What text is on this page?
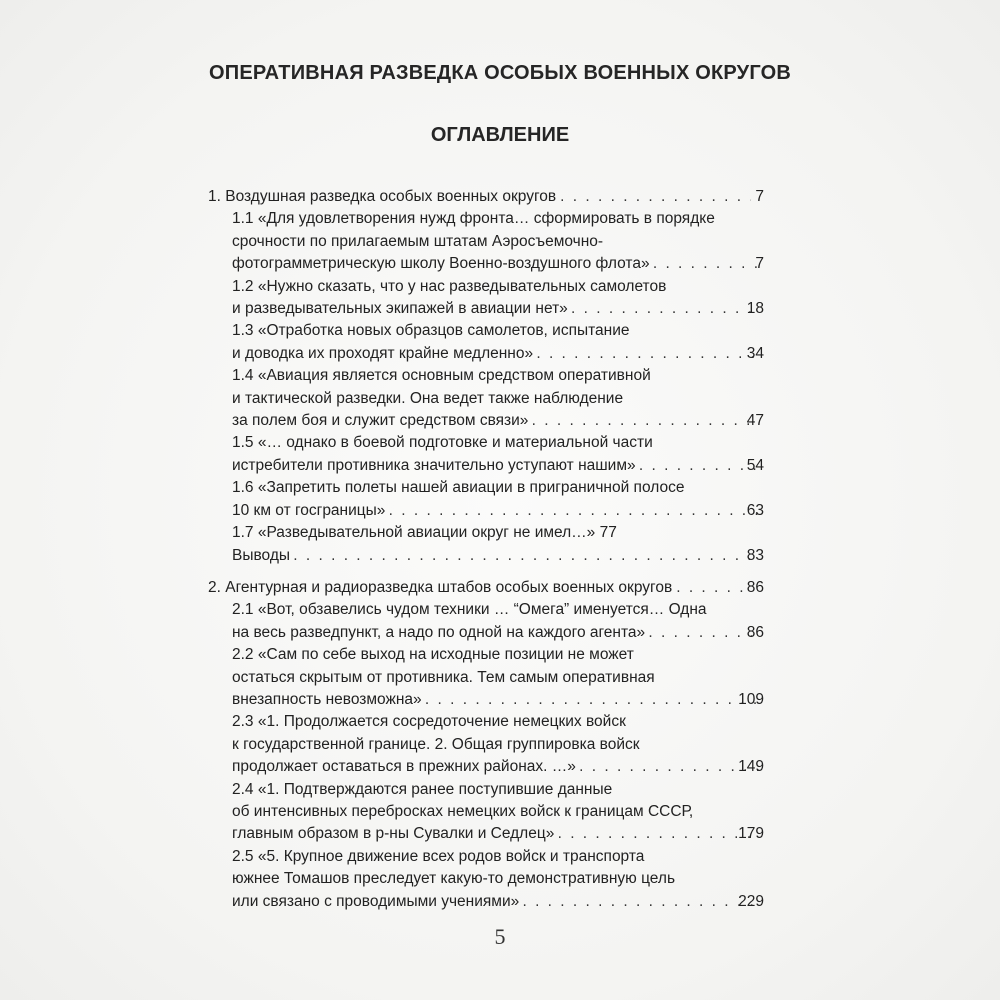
ОПЕРАТИВНАЯ РАЗВЕДКА ОСОБЫХ ВОЕННЫХ ОКРУГОВ
ОГЛАВЛЕНИЕ
1. Воздушная разведка особых военных округов . . .	7
1.1 «Для удовлетворения нужд фронта… сформировать в порядке
срочности по прилагаемым штатам Аэросъемочно-
фотограмметрическую школу Военно-воздушного флота» . . .	7
1.2 «Нужно сказать, что у нас разведывательных самолетов
и разведывательных экипажей в авиации нет» . . .	18
1.3 «Отработка новых образцов самолетов, испытание
и доводка их проходят крайне медленно» . . .	34
1.4 «Авиация является основным средством оперативной
и тактической разведки. Она ведет также наблюдение
за полем боя и служит средством связи» . . .	47
1.5 «… однако в боевой подготовке и материальной части
истребители противника значительно уступают нашим» . . .	54
1.6 «Запретить полеты нашей авиации в приграничной полосе
10 км от госграницы» . . .	63
1.7 «Разведывательной авиации округ не имел…» 77
Выводы . . .	83
2. Агентурная и радиоразведка штабов особых военных округов . . .	86
2.1 «Вот, обзавелись чудом техники … “Омега” именуется… Одна
на весь разведпункт, а надо по одной на каждого агента» . . .	86
2.2 «Сам по себе выход на исходные позиции не может
остаться скрытым от противника. Тем самым оперативная
внезапность невозможна» . . .	109
2.3 «1. Продолжается сосредоточение немецких войск
к государственной границе. 2. Общая группировка войск
продолжает оставаться в прежних районах. …» . . .	149
2.4 «1. Подтверждаются ранее поступившие данные
об интенсивных перебросках немецких войск к границам СССР,
главным образом в р-ны Сувалки и Седлец» . . .	179
2.5 «5. Крупное движение всех родов войск и транспорта
южнее Томашов преследует какую-то демонстративную цель
или связано с проводимыми учениями» . . .	229
5
